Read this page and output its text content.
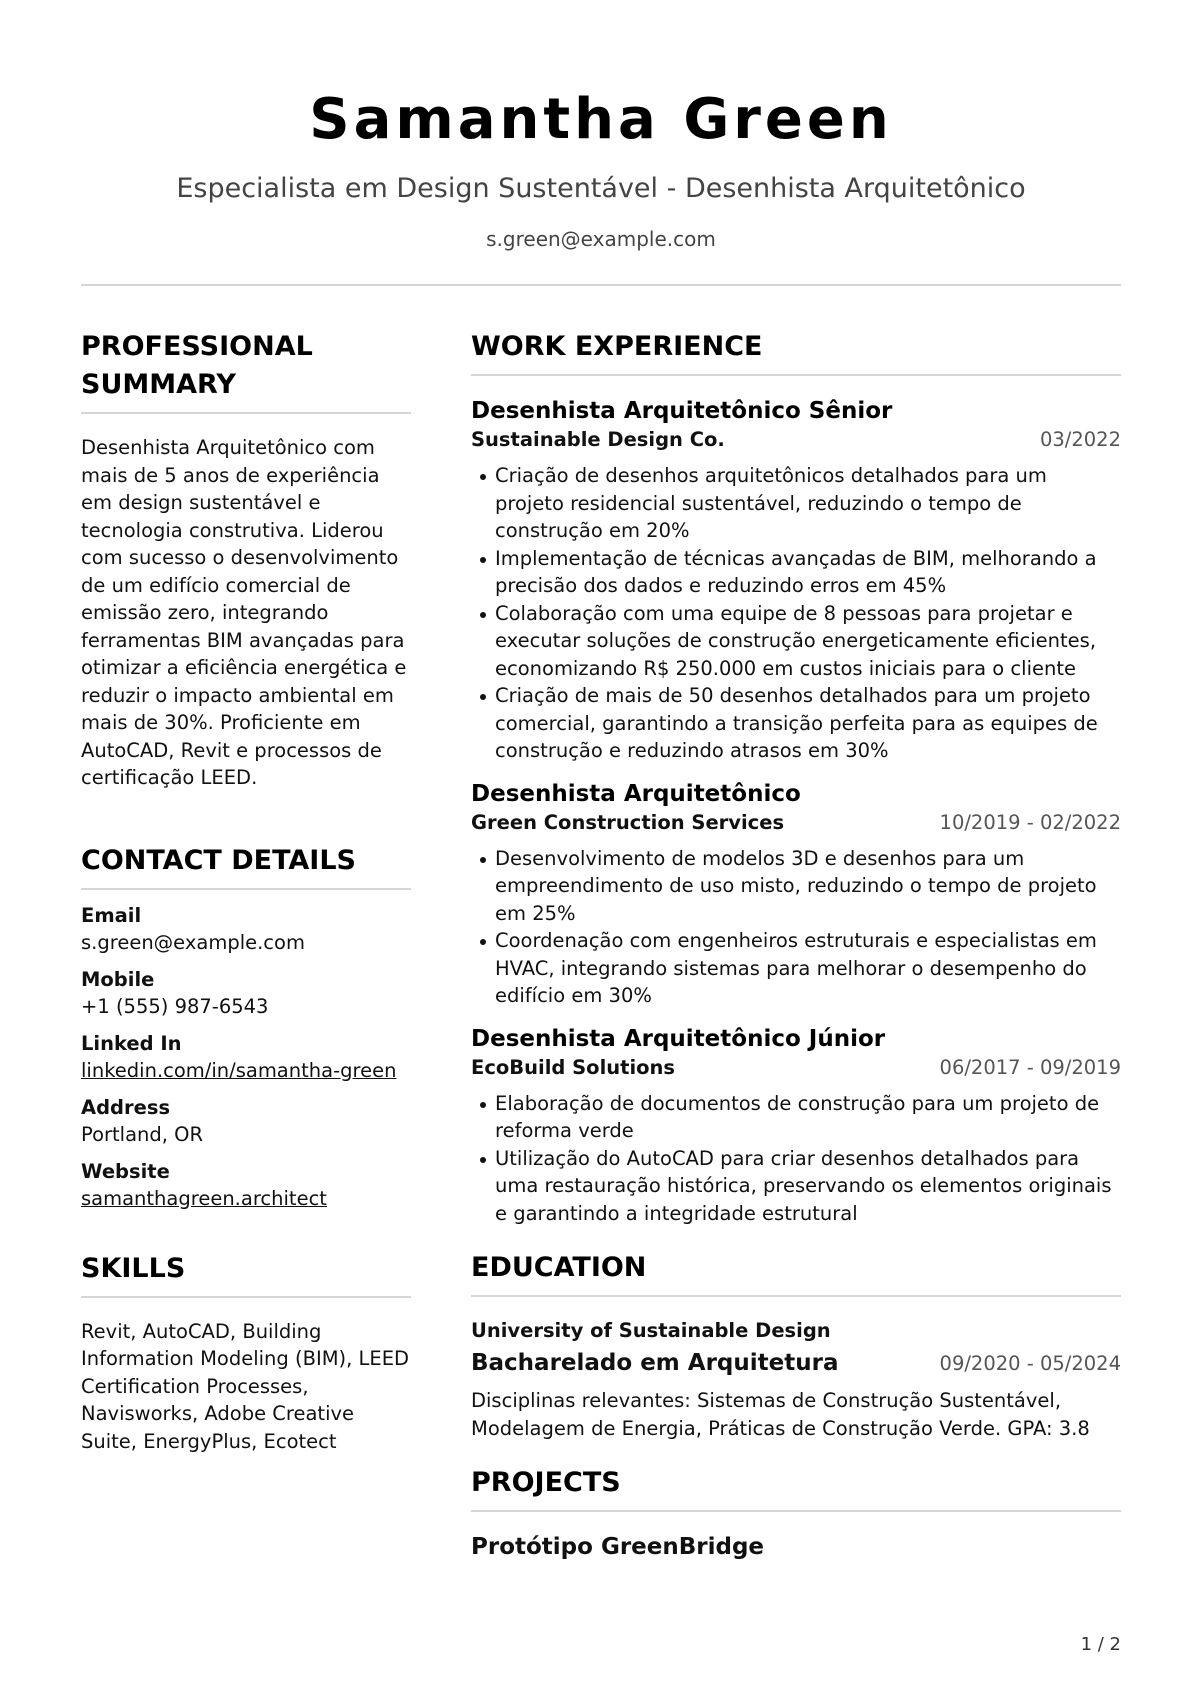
Samantha Green
Especialista em Design Sustentável - Desenhista Arquitetônico
s.green@example.com
PROFESSIONAL SUMMARY
Desenhista Arquitetônico com mais de 5 anos de experiência em design sustentável e tecnologia construtiva. Liderou com sucesso o desenvolvimento de um edifício comercial de emissão zero, integrando ferramentas BIM avançadas para otimizar a eficiência energética e reduzir o impacto ambiental em mais de 30%. Proficiente em AutoCAD, Revit e processos de certificação LEED.
CONTACT DETAILS
Email
s.green@example.com
Mobile
+1 (555) 987-6543
Linked In
linkedin.com/in/samantha-green
Address
Portland, OR
Website
samanthagreen.architect
SKILLS
Revit, AutoCAD, Building Information Modeling (BIM), LEED Certification Processes, Navisworks, Adobe Creative Suite, EnergyPlus, Ecotect
WORK EXPERIENCE
Desenhista Arquitetônico Sênior
Sustainable Design Co.	03/2022
Criação de desenhos arquitetônicos detalhados para um projeto residencial sustentável, reduzindo o tempo de construção em 20%
Implementação de técnicas avançadas de BIM, melhorando a precisão dos dados e reduzindo erros em 45%
Colaboração com uma equipe de 8 pessoas para projetar e executar soluções de construção energeticamente eficientes, economizando R$ 250.000 em custos iniciais para o cliente
Criação de mais de 50 desenhos detalhados para um projeto comercial, garantindo a transição perfeita para as equipes de construção e reduzindo atrasos em 30%
Desenhista Arquitetônico
Green Construction Services	10/2019 - 02/2022
Desenvolvimento de modelos 3D e desenhos para um empreendimento de uso misto, reduzindo o tempo de projeto em 25%
Coordenação com engenheiros estruturais e especialistas em HVAC, integrando sistemas para melhorar o desempenho do edifício em 30%
Desenhista Arquitetônico Júnior
EcoBuild Solutions	06/2017 - 09/2019
Elaboração de documentos de construção para um projeto de reforma verde
Utilização do AutoCAD para criar desenhos detalhados para uma restauração histórica, preservando os elementos originais e garantindo a integridade estrutural
EDUCATION
University of Sustainable Design
Bacharelado em Arquitetura	09/2020 - 05/2024
Disciplinas relevantes: Sistemas de Construção Sustentável, Modelagem de Energia, Práticas de Construção Verde. GPA: 3.8
PROJECTS
Protótipo GreenBridge
1 / 2
